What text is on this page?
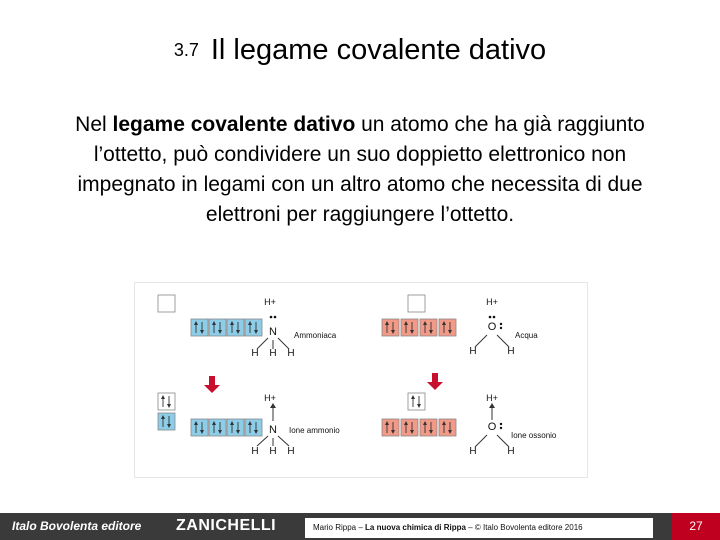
3.7 Il legame covalente dativo
Nel legame covalente dativo un atomo che ha già raggiunto l’ottetto, può condividere un suo doppietto elettronico non impegnato in legami con un altro atomo che necessita di due elettroni per raggiungere l’ottetto.
H+
N Ammoniaca
H H H
H+
O
Acqua
H	H
H+
N Ione ammonio
H H H
H+
O
Ione ossonio
H	H
Italo Bovolenta editore ZANICHELLI	Mario Rippa – La nuova chimica di Rippa – © Italo Bovolenta editore 2016	27
